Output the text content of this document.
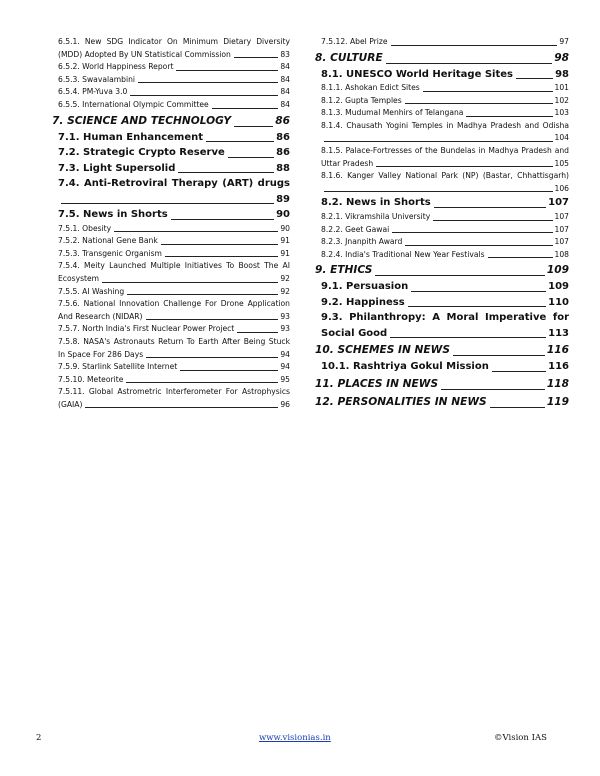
6.5.1. New SDG Indicator On Minimum Dietary Diversity
(MDD) Adopted By UN Statistical Commission	83
6.5.2. World Happiness Report	84
6.5.3. Swavalambini	84
6.5.4. PM-Yuva 3.0	84
6.5.5. International Olympic Committee	84
7. SCIENCE AND TECHNOLOGY	86
7.1. Human Enhancement	86
7.2. Strategic Crypto Reserve	86
7.3. Light Supersolid	88
7.4. Anti-Retroviral Therapy (ART) drugs
89
7.5. News in Shorts	90
7.5.1. Obesity	90
7.5.2. National Gene Bank	91
7.5.3. Transgenic Organism	91
7.5.4. Meity Launched Multiple Initiatives To Boost The AI
Ecosystem	92
7.5.5. AI Washing	92
7.5.6. National Innovation Challenge For Drone Application
And Research (NIDAR)	93
7.5.7. North India's First Nuclear Power Project	93
7.5.8. NASA's Astronauts Return To Earth After Being Stuck
In Space For 286 Days	94
7.5.9. Starlink Satellite Internet	94
7.5.10. Meteorite	95
7.5.11. Global Astrometric Interferometer For Astrophysics
(GAIA)	96
7.5.12. Abel Prize	97
8. CULTURE	98
8.1. UNESCO World Heritage Sites	98
8.1.1. Ashokan Edict Sites	101
8.1.2. Gupta Temples	102
8.1.3. Mudumal Menhirs of Telangana	103
8.1.4. Chausath Yogini Temples in Madhya Pradesh and Odisha
104
8.1.5. Palace-Fortresses of the Bundelas in Madhya Pradesh and
Uttar Pradesh	105
8.1.6. Kanger Valley National Park (NP) (Bastar, Chhattisgarh)
106
8.2. News in Shorts	107
8.2.1. Vikramshila University	107
8.2.2. Geet Gawai	107
8.2.3. Jnanpith Award	107
8.2.4. India's Traditional New Year Festivals	108
9. ETHICS	109
9.1. Persuasion	109
9.2. Happiness	110
9.3. Philanthropy: A Moral Imperative for
Social Good	113
10. SCHEMES IN NEWS	116
10.1. Rashtriya Gokul Mission	116
11. PLACES IN NEWS	118
12. PERSONALITIES IN NEWS	119
2	www.visionias.in	©Vision IAS
